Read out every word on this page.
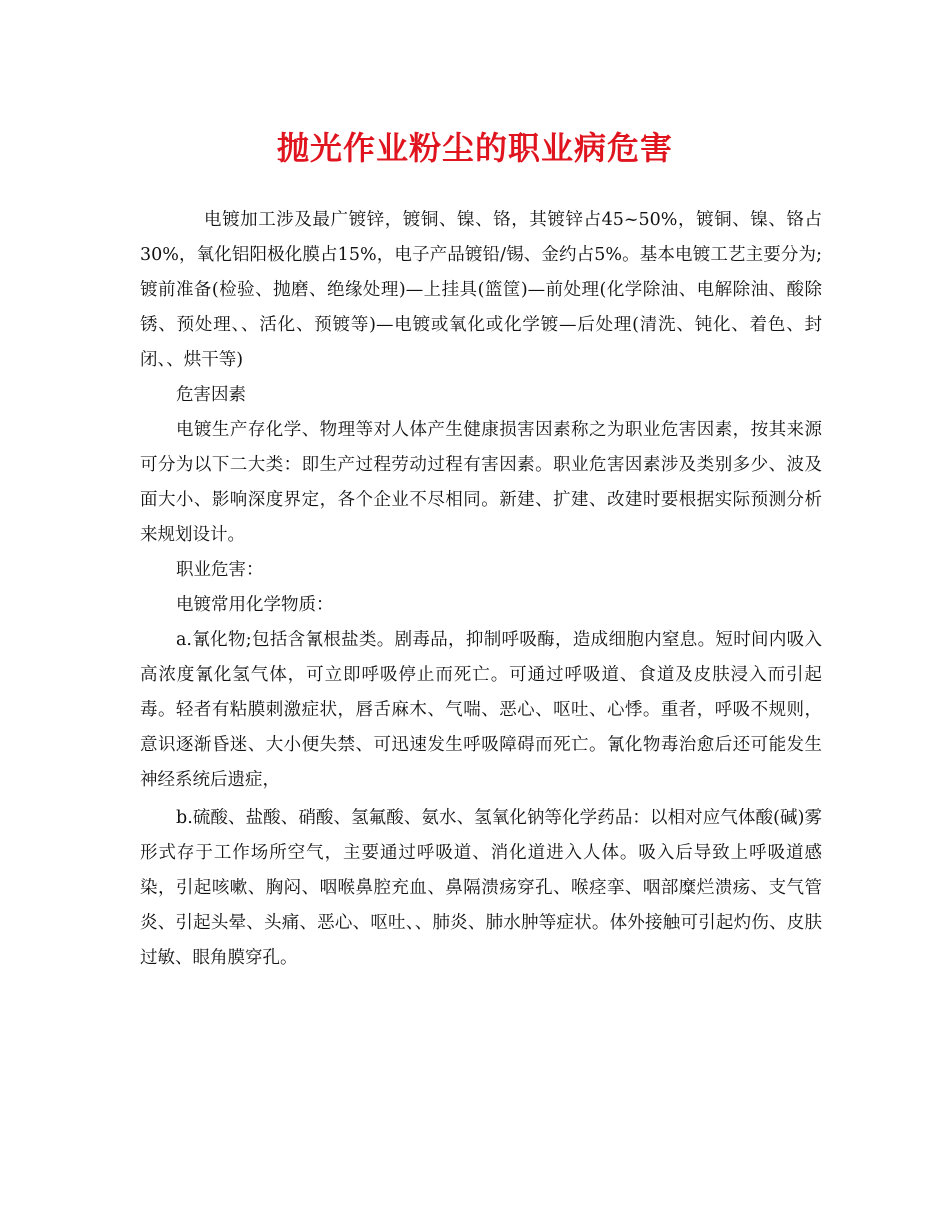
抛光作业粉尘的职业病危害

电镀加工涉及最广镀锌，镀铜、镍、铬，其镀锌占45~50%，镀铜、镍、铬占30%，氧化铝阳极化膜占15%，电子产品镀铅/锡、金约占5%。基本电镀工艺主要分为;镀前准备(检验、抛磨、绝缘处理)—上挂具(篮筐)—前处理(化学除油、电解除油、酸除锈、预处理、、活化、预镀等)—电镀或氧化或化学镀—后处理(清洗、钝化、着色、封闭、、烘干等)

危害因素

电镀生产存化学、物理等对人体产生健康损害因素称之为职业危害因素，按其来源可分为以下二大类：即生产过程劳动过程有害因素。职业危害因素涉及类别多少、波及面大小、影响深度界定，各个企业不尽相同。新建、扩建、改建时要根据实际预测分析来规划设计。

职业危害：

电镀常用化学物质：

a.氰化物;包括含氰根盐类。剧毒品，抑制呼吸酶，造成细胞内窒息。短时间内吸入高浓度氰化氢气体，可立即呼吸停止而死亡。可通过呼吸道、食道及皮肤浸入而引起毒。轻者有粘膜刺激症状，唇舌麻木、气喘、恶心、呕吐、心悸。重者，呼吸不规则，意识逐渐昏迷、大小便失禁、可迅速发生呼吸障碍而死亡。氰化物毒治愈后还可能发生神经系统后遗症，

b.硫酸、盐酸、硝酸、氢氟酸、氨水、氢氧化钠等化学药品：以相对应气体酸(碱)雾形式存于工作场所空气，主要通过呼吸道、消化道进入人体。吸入后导致上呼吸道感染，引起咳嗽、胸闷、咽喉鼻腔充血、鼻隔溃疡穿孔、喉痉挛、咽部糜烂溃疡、支气管炎、引起头晕、头痛、恶心、呕吐、、肺炎、肺水肿等症状。体外接触可引起灼伤、皮肤过敏、眼角膜穿孔。
